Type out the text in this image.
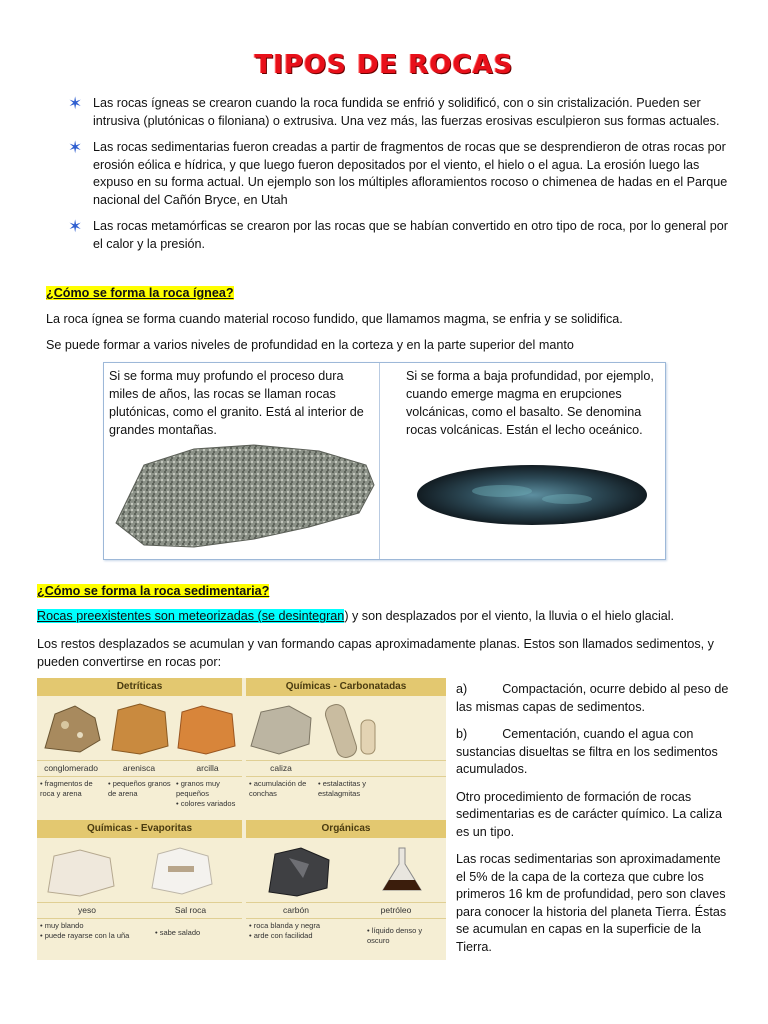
TIPOS DE ROCAS
✶ Las rocas ígneas se crearon cuando la roca fundida se enfrió y solidificó, con o sin cristalización. Pueden ser intrusiva (plutónicas o filoniana) o extrusiva. Una vez más, las fuerzas erosivas esculpieron sus formas actuales.
✶ Las rocas sedimentarias fueron creadas a partir de fragmentos de rocas que se desprendieron de otras rocas por erosión eólica e hídrica, y que luego fueron depositados por el viento, el hielo o el agua. La erosión luego las expuso en su forma actual. Un ejemplo son los múltiples afloramientos rocoso o chimenea de hadas en el Parque nacional del Cañón Bryce, en Utah
✶ Las rocas metamórficas se crearon por las rocas que se habían convertido en otro tipo de roca, por lo general por el calor y la presión.
¿Cómo se forma la roca ígnea?
La roca ígnea se forma cuando material rocoso fundido, que llamamos magma, se enfria y se solidifica.
Se puede formar a varios niveles de profundidad en la corteza y en la parte superior del manto
Si se forma muy profundo el proceso dura miles de años, las rocas se llaman rocas plutónicas, como el granito. Está al interior de grandes montañas.
Si se forma a baja profundidad, por ejemplo, cuando emerge magma en erupciones volcánicas, como el basalto. Se denomina rocas volcánicas. Están el lecho oceánico.
¿Cómo se forma la roca sedimentaria?
Rocas preexistentes son meteorizadas (se desintegran) y son desplazados por el viento, la lluvia o el hielo glacial.
Los restos desplazados se acumulan y van formando capas aproximadamente planas. Estos son llamados sedimentos, y pueden convertirse en rocas por:
Detríticas	Químicas - Carbonatadas
conglomerado	arenisca	arcilla	caliza
• fragmentos de roca y arena
• pequeños granos de arena
• granos muy pequeños
• colores variados
• acumulación de conchas
• estalactitas y estalagmitas
Químicas - Evaporitas	Orgánicas
yeso	Sal roca	carbón	petróleo
• muy blando
• puede rayarse con la uña	• sabe salado
• roca blanda y negra
• arde con facilidad
• líquido denso y oscuro

a)	Compactación, ocurre debido al peso de las mismas capas de sedimentos.

b)	Cementación, cuando el agua con sustancias disueltas se filtra en los sedimentos acumulados.

Otro procedimiento de formación de rocas sedimentarias es de carácter químico. La caliza es un tipo.

Las rocas sedimentarias son aproximadamente el 5% de la capa de la corteza que cubre los primeros 16 km de profundidad, pero son claves para conocer la historia del planeta Tierra. Éstas se acumulan en capas en la superficie de la Tierra.
